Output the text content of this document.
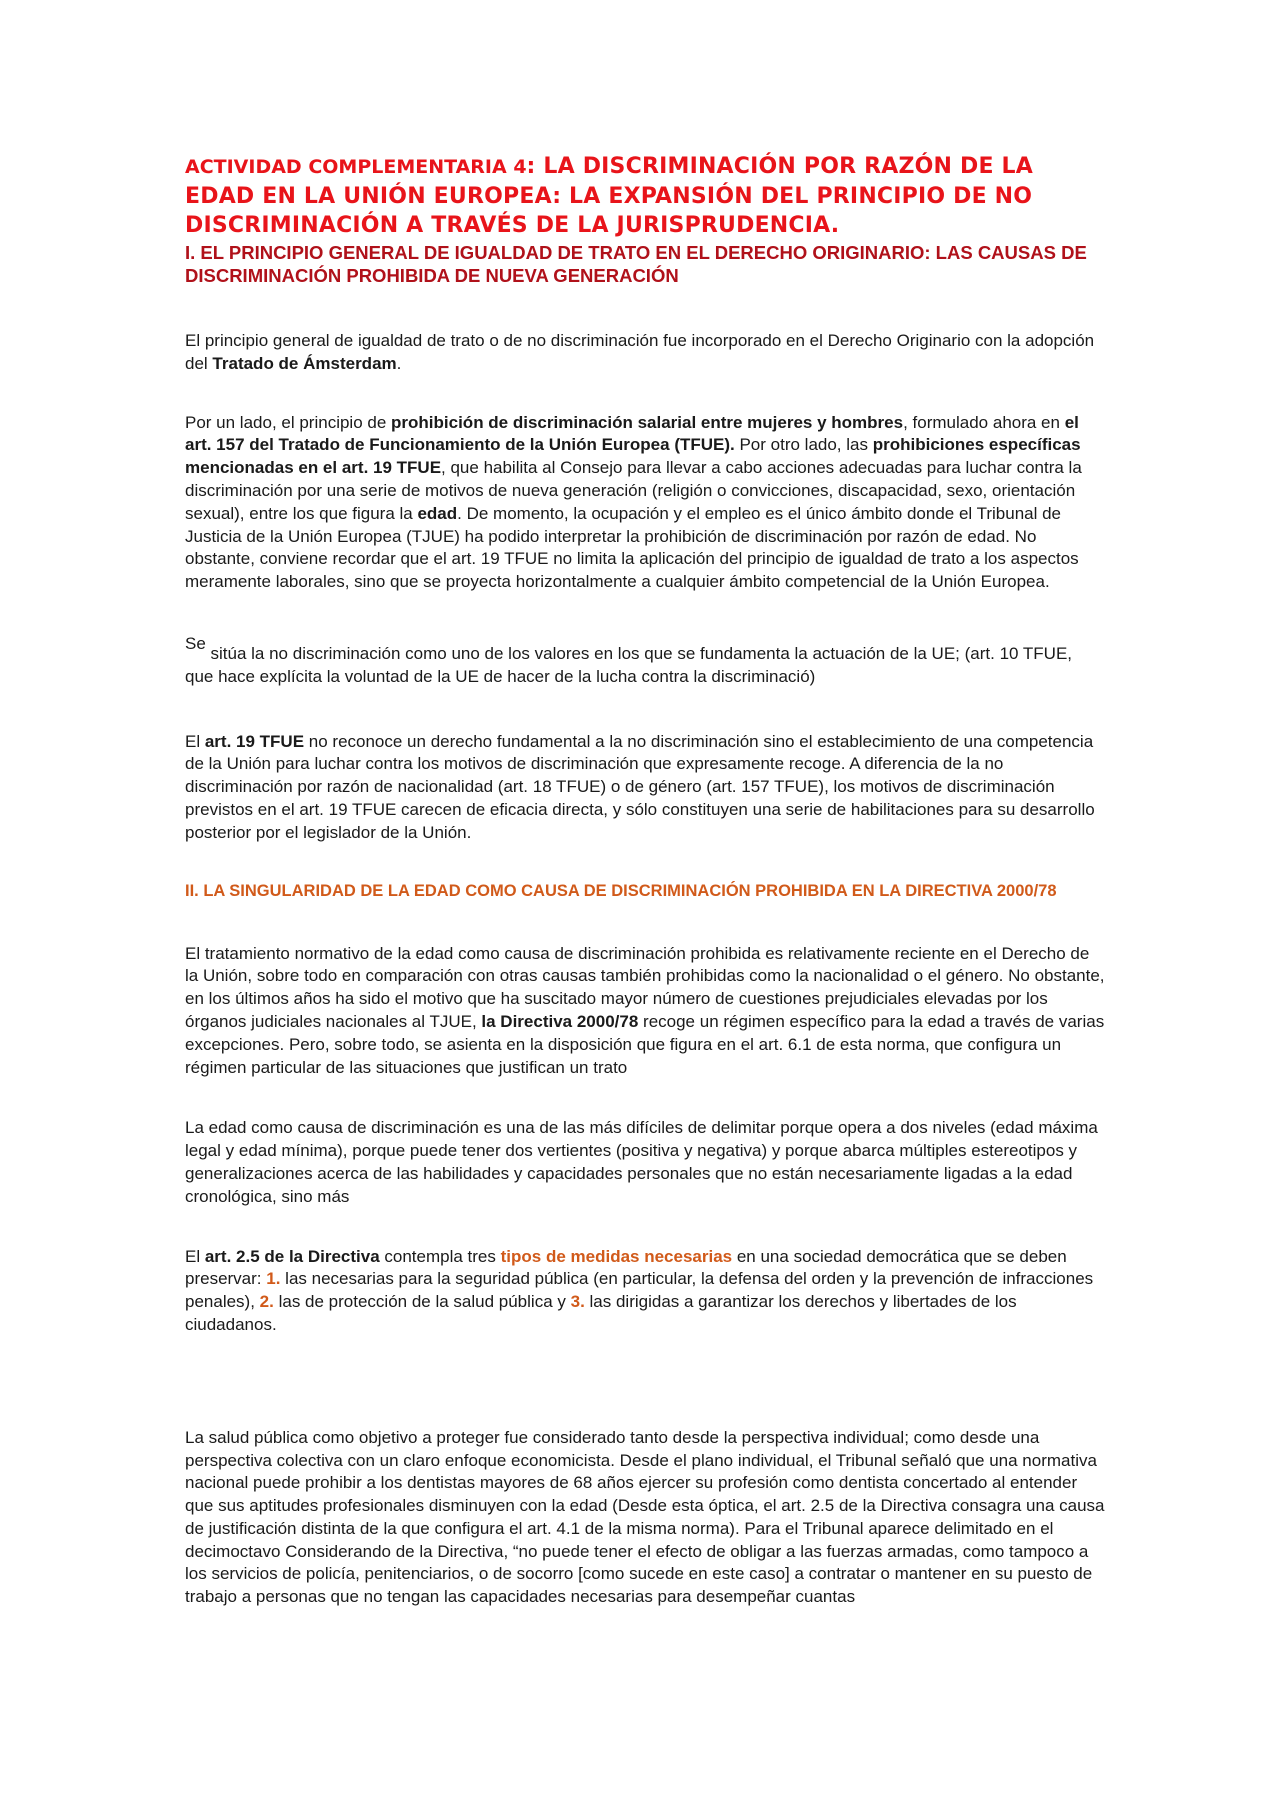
ACTIVIDAD COMPLEMENTARIA 4: LA DISCRIMINACIÓN POR RAZÓN DE LA EDAD EN LA UNIÓN EUROPEA: LA EXPANSIÓN DEL PRINCIPIO DE NO DISCRIMINACIÓN A TRAVÉS DE LA JURISPRUDENCIA.
I. EL PRINCIPIO GENERAL DE IGUALDAD DE TRATO EN EL DERECHO ORIGINARIO: LAS CAUSAS DE DISCRIMINACIÓN PROHIBIDA DE NUEVA GENERACIÓN

El principio general de igualdad de trato o de no discriminación fue incorporado en el Derecho Originario con la adopción del Tratado de Ámsterdam.

Por un lado, el principio de prohibición de discriminación salarial entre mujeres y hombres, formulado ahora en el art. 157 del Tratado de Funcionamiento de la Unión Europea (TFUE). Por otro lado, las prohibiciones específicas mencionadas en el art. 19 TFUE, que habilita al Consejo para llevar a cabo acciones adecuadas para luchar contra la discriminación por una serie de motivos de nueva generación (religión o convicciones, discapacidad, sexo, orientación sexual), entre los que figura la edad. De momento, la ocupación y el empleo es el único ámbito donde el Tribunal de Justicia de la Unión Europea (TJUE) ha podido interpretar la prohibición de discriminación por razón de edad. No obstante, conviene recordar que el art. 19 TFUE no limita la aplicación del principio de igualdad de trato a los aspectos meramente laborales, sino que se proyecta horizontalmente a cualquier ámbito competencial de la Unión Europea.

Se sitúa la no discriminación como uno de los valores en los que se fundamenta la actuación de la UE; (art. 10 TFUE, que hace explícita la voluntad de la UE de hacer de la lucha contra la discriminació)

El art. 19 TFUE no reconoce un derecho fundamental a la no discriminación sino el establecimiento de una competencia de la Unión para luchar contra los motivos de discriminación que expresamente recoge. A diferencia de la no discriminación por razón de nacionalidad (art. 18 TFUE) o de género (art. 157 TFUE), los motivos de discriminación previstos en el art. 19 TFUE carecen de eficacia directa, y sólo constituyen una serie de habilitaciones para su desarrollo posterior por el legislador de la Unión.

II. LA SINGULARIDAD DE LA EDAD COMO CAUSA DE DISCRIMINACIÓN PROHIBIDA EN LA DIRECTIVA 2000/78

El tratamiento normativo de la edad como causa de discriminación prohibida es relativamente reciente en el Derecho de la Unión, sobre todo en comparación con otras causas también prohibidas como la nacionalidad o el género. No obstante, en los últimos años ha sido el motivo que ha suscitado mayor número de cuestiones prejudiciales elevadas por los órganos judiciales nacionales al TJUE, la Directiva 2000/78 recoge un régimen específico para la edad a través de varias excepciones. Pero, sobre todo, se asienta en la disposición que figura en el art. 6.1 de esta norma, que configura un régimen particular de las situaciones que justifican un trato

La edad como causa de discriminación es una de las más difíciles de delimitar porque opera a dos niveles (edad máxima legal y edad mínima), porque puede tener dos vertientes (positiva y negativa) y porque abarca múltiples estereotipos y generalizaciones acerca de las habilidades y capacidades personales que no están necesariamente ligadas a la edad cronológica, sino más

El art. 2.5 de la Directiva contempla tres tipos de medidas necesarias en una sociedad democrática que se deben preservar: 1. las necesarias para la seguridad pública (en particular, la defensa del orden y la prevención de infracciones penales), 2. las de protección de la salud pública y 3. las dirigidas a garantizar los derechos y libertades de los ciudadanos.

La salud pública como objetivo a proteger fue considerado tanto desde la perspectiva individual; como desde una perspectiva colectiva con un claro enfoque economicista. Desde el plano individual, el Tribunal señaló que una normativa nacional puede prohibir a los dentistas mayores de 68 años ejercer su profesión como dentista concertado al entender que sus aptitudes profesionales disminuyen con la edad (Desde esta óptica, el art. 2.5 de la Directiva consagra una causa de justificación distinta de la que configura el art. 4.1 de la misma norma). Para el Tribunal aparece delimitado en el decimoctavo Considerando de la Directiva, “no puede tener el efecto de obligar a las fuerzas armadas, como tampoco a los servicios de policía, penitenciarios, o de socorro [como sucede en este caso] a contratar o mantener en su puesto de trabajo a personas que no tengan las capacidades necesarias para desempeñar cuantas
